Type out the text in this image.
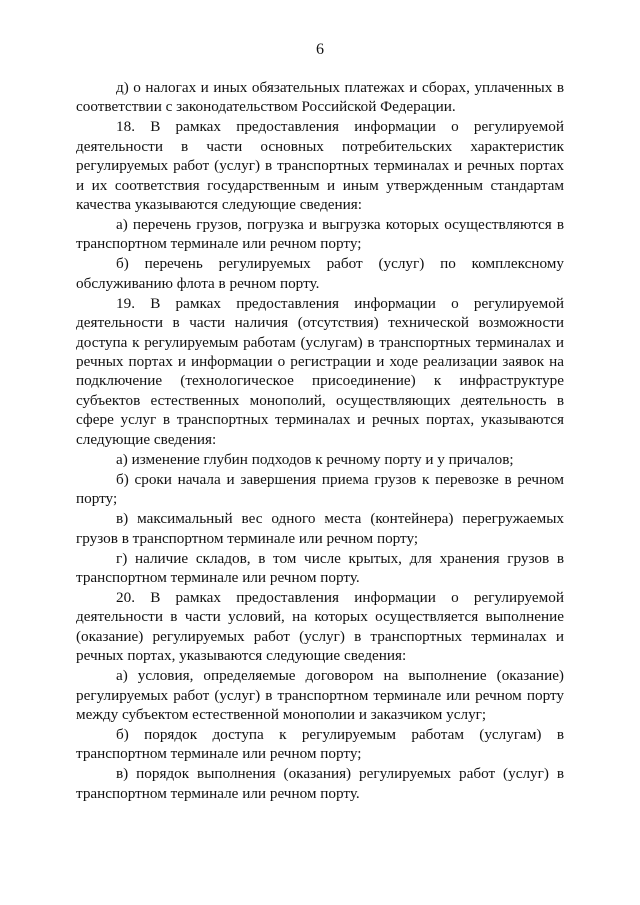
6

д) о налогах и иных обязательных платежах и сборах, уплаченных в соответствии с законодательством Российской Федерации.

18. В рамках предоставления информации о регулируемой деятельности в части основных потребительских характеристик регулируемых работ (услуг) в транспортных терминалах и речных портах и их соответствия государственным и иным утвержденным стандартам качества указываются следующие сведения:

а) перечень грузов, погрузка и выгрузка которых осуществляются в транспортном терминале или речном порту;

б) перечень регулируемых работ (услуг) по комплексному обслуживанию флота в речном порту.

19. В рамках предоставления информации о регулируемой деятельности в части наличия (отсутствия) технической возможности доступа к регулируемым работам (услугам) в транспортных терминалах и речных портах и информации о регистрации и ходе реализации заявок на подключение (технологическое присоединение) к инфраструктуре субъектов естественных монополий, осуществляющих деятельность в сфере услуг в транспортных терминалах и речных портах, указываются следующие сведения:

а) изменение глубин подходов к речному порту и у причалов;

б) сроки начала и завершения приема грузов к перевозке в речном порту;

в) максимальный вес одного места (контейнера) перегружаемых грузов в транспортном терминале или речном порту;

г) наличие складов, в том числе крытых, для хранения грузов в транспортном терминале или речном порту.

20. В рамках предоставления информации о регулируемой деятельности в части условий, на которых осуществляется выполнение (оказание) регулируемых работ (услуг) в транспортных терминалах и речных портах, указываются следующие сведения:

а) условия, определяемые договором на выполнение (оказание) регулируемых работ (услуг) в транспортном терминале или речном порту между субъектом естественной монополии и заказчиком услуг;

б) порядок доступа к регулируемым работам (услугам) в транспортном терминале или речном порту;

в) порядок выполнения (оказания) регулируемых работ (услуг) в транспортном терминале или речном порту.
